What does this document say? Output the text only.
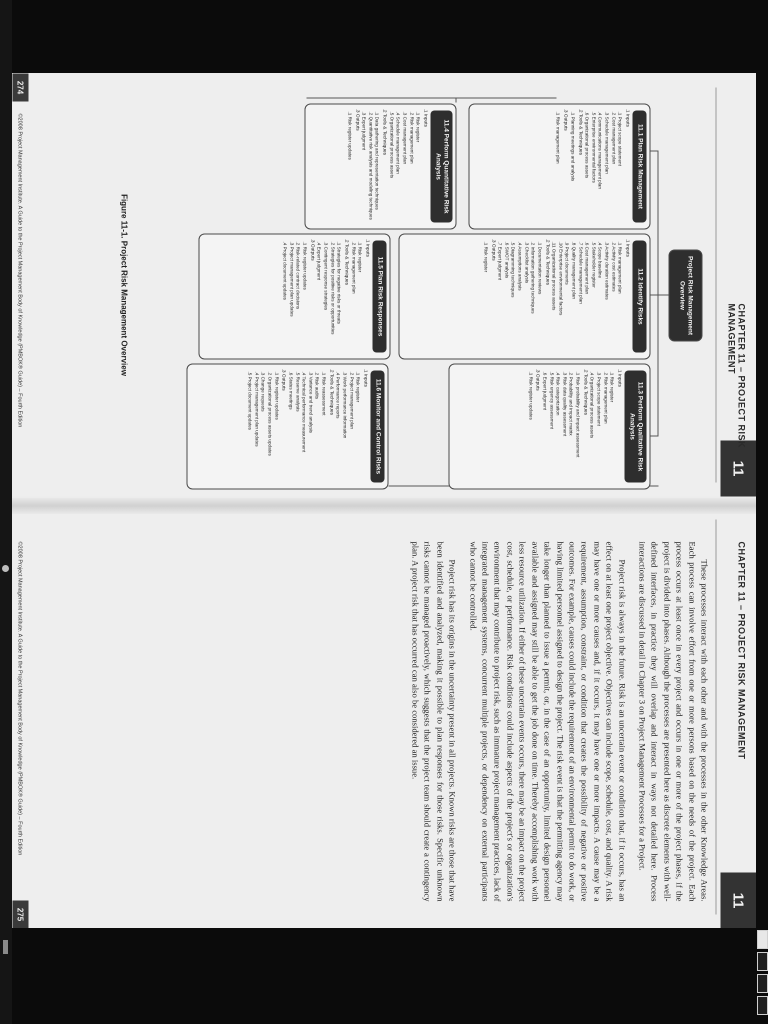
11
CHAPTER 11 – PROJECT RISK MANAGEMENT
Project Risk Management Overview
11.1 Plan Risk Management
.1 Inputs
.1 Project scope statement
.2 Cost management plan
.3 Schedule management plan
.4 Communications management plan
.5 Enterprise environmental factors
.6 Organizational process assets
.2 Tools & Techniques
.1 Planning meetings and analysis
.3 Outputs
.1 Risk management plan
11.2 Identify Risks
.1 Inputs
.1 Risk management plan
.2 Activity cost estimates
.3 Activity duration estimates
.4 Scope baseline
.5 Stakeholder register
.6 Cost management plan
.7 Schedule management plan
.8 Quality management plan
.9 Project documents
.10 Enterprise environmental factors
.11 Organizational process assets
.2 Tools & Techniques
.1 Documentation reviews
.2 Information gathering techniques
.3 Checklist analysis
.4 Assumptions analysis
.5 Diagramming techniques
.6 SWOT analysis
.7 Expert judgment
.3 Outputs
.1 Risk register
11.3 Perform Qualitative Risk Analysis
.1 Inputs
.1 Risk register
.2 Risk management plan
.3 Project scope statement
.4 Organizational process assets
.2 Tools & Techniques
.1 Risk probability and impact assessment
.2 Probability and impact matrix
.3 Risk data quality assessment
.4 Risk categorization
.5 Risk urgency assessment
.6 Expert judgment
.3 Outputs
.1 Risk register updates
11.4 Perform Quantitative Risk Analysis
.1 Inputs
.1 Risk register
.2 Risk management plan
.3 Cost management plan
.4 Schedule management plan
.5 Organizational process assets
.2 Tools & Techniques
.1 Data gathering and representation techniques
.2 Quantitative risk analysis and modeling techniques
.3 Expert judgment
.3 Outputs
.1 Risk register updates
11.5 Plan Risk Responses
.1 Inputs
.1 Risk register
.2 Risk management plan
.2 Tools & Techniques
.1 Strategies for negative risks or threats
.2 Strategies for positive risks or opportunities
.3 Contingent response strategies
.4 Expert judgment
.3 Outputs
.1 Risk register updates
.2 Risk-related contract decisions
.3 Project management plan updates
.4 Project document updates
11.6 Monitor and Control Risks
.1 Inputs
.1 Risk register
.2 Project management plan
.3 Work performance information
.4 Performance reports
.2 Tools & Techniques
.1 Risk reassessment
.2 Risk audits
.3 Variance and trend analysis
.4 Technical performance measurement
.5 Reserve analysis
.6 Status meetings
.3 Outputs
.1 Risk register updates
.2 Organizational process assets updates
.3 Change requests
.4 Project management plan updates
.5 Project document updates
Figure 11-1. Project Risk Management Overview
©2008 Project Management Institute. A Guide to the Project Management Body of Knowledge (PMBOK® Guide) – Fourth Edition
274
CHAPTER 11 – PROJECT RISK MANAGEMENT
11

These processes interact with each other and with the processes in the other Knowledge Areas. Each process can involve effort from one or more persons based on the needs of the project. Each process occurs at least once in every project and occurs in one or more of the project phases, if the project is divided into phases. Although the processes are presented here as discrete elements with well-defined interfaces, in practice they will overlap and interact in ways not detailed here. Process interactions are discussed in detail in Chapter 3 on Project Management Processes for a Project.

Project risk is always in the future. Risk is an uncertain event or condition that, if it occurs, has an effect on at least one project objective. Objectives can include scope, schedule, cost, and quality. A risk may have one or more causes and, if it occurs, it may have one or more impacts. A cause may be a requirement, assumption, constraint, or condition that creates the possibility of negative or positive outcomes. For example, causes could include the requirement of an environmental permit to do work, or having limited personnel assigned to design the project. The risk event is that the permitting agency may take longer than planned to issue a permit, or, in the case of an opportunity, limited design personnel available and assigned may still be able to get the job done on time. Thereby accomplishing work with less resource utilization. If either of these uncertain events occurs, there may be an impact on the project cost, schedule, or performance. Risk conditions could include aspects of the project's or organization's environment that may contribute to project risk, such as immature project management practices, lack of integrated management systems, concurrent multiple projects, or dependency on external participants who cannot be controlled.

Project risk has its origins in the uncertainty present in all projects. Known risks are those that have been identified and analyzed, making it possible to plan responses for those risks. Specific unknown risks cannot be managed proactively, which suggests that the project team should create a contingency plan. A project risk that has occurred can also be considered an issue.

©2008 Project Management Institute. A Guide to the Project Management Body of Knowledge (PMBOK® Guide) – Fourth Edition
275
